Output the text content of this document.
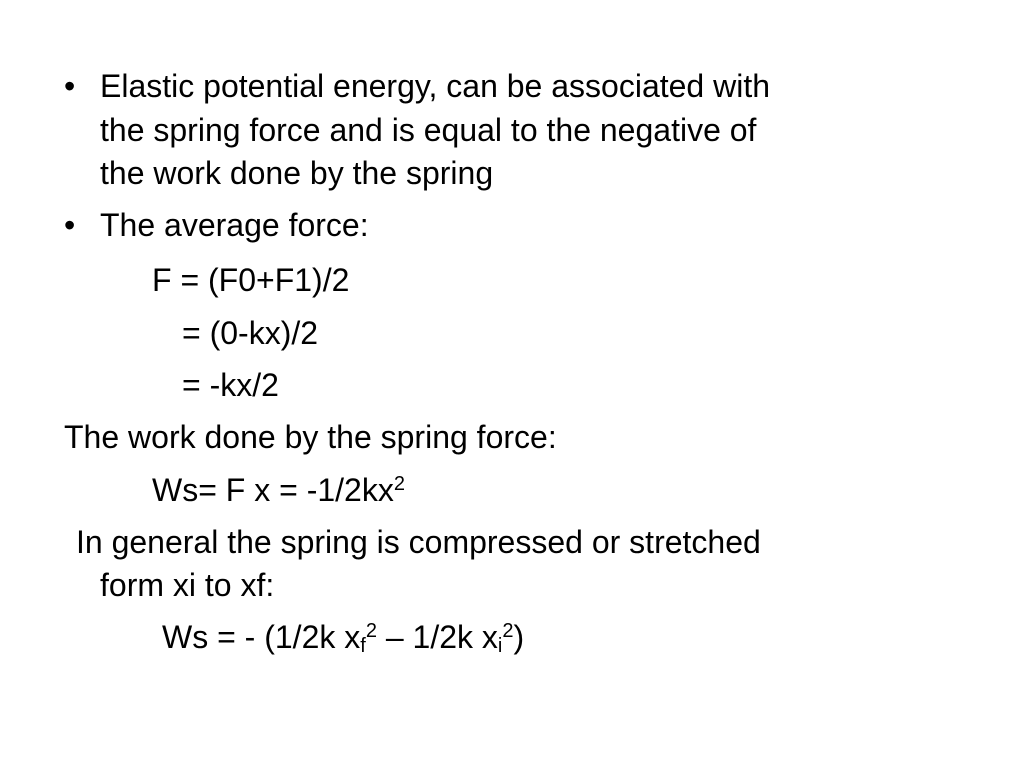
• Elastic potential energy, can be associated with
the spring force and is equal to the negative of
the work done by the spring
• The average force:
F = (F0+F1)/2
= (0-kx)/2
= -kx/2
The work done by the spring force:
Ws= F $x = -1/2kx^2$
In general the spring is compressed or stretched
form xi to xf:
Ws = - (1/2k $x_f^2 - 1/2k$ $x_i^2$)
